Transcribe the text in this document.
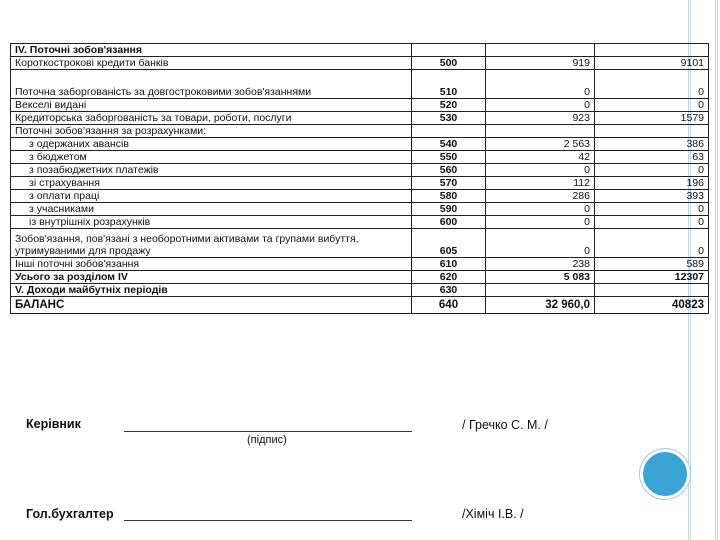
IV. Поточні зобов'язання			
Короткострокові кредити банків	500	919	9101
Поточна заборгованість за довгостроковими зобов'язаннями	510	0	0
Векселі видані	520	0	0
Кредиторська заборгованість за товари, роботи, послуги	530	923	1579
Поточні зобов'язання за розрахунками:			
з одержаних авансів	540	2 563	386
з бюджетом	550	42	63
з позабюджетних платежів	560	0	0
зі страхування	570	112	196
з оплати праці	580	286	393
з учасниками	590	0	0
із внутрішніх розрахунків	600	0	0
Зобов'язання, пов'язані з необоротними активами та групами вибуття, утримуваними для продажу	605	0	0
Інші поточні зобов'язання	610	238	589
Усього за розділом IV	620	5 083	12307
V. Доходи майбутніх періодів	630		
БАЛАНС	640	32 960,0	40823
Керівник
(підпис)
/ Гречко С. М. /
Гол.бухгалтер	/Хіміч І.В. /
